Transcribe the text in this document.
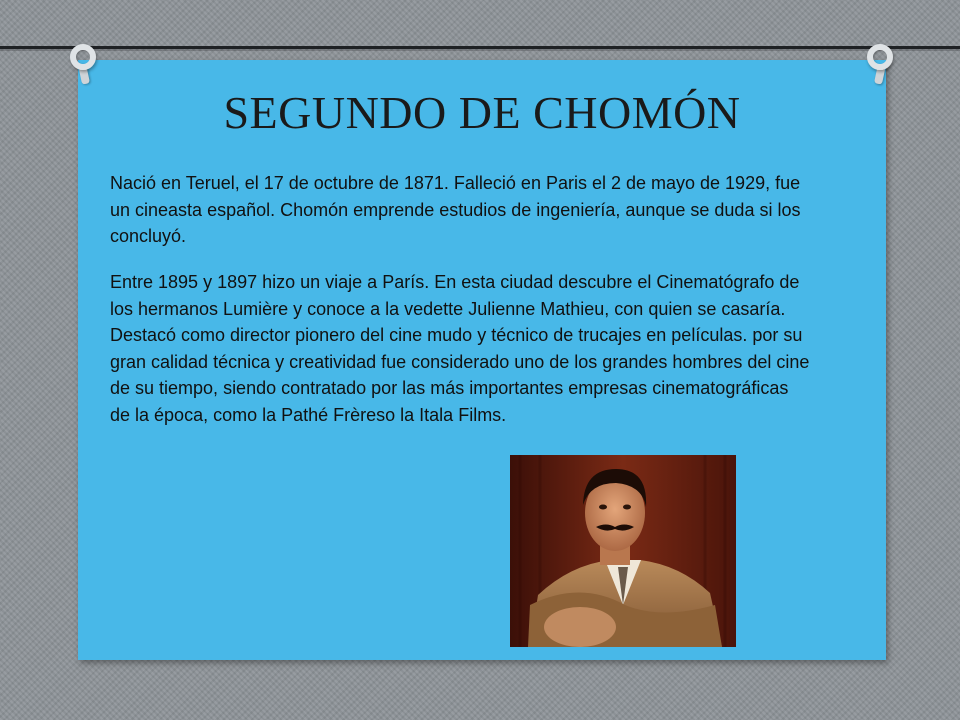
SEGUNDO DE CHOMÓN

Nació en Teruel, el 17 de octubre de 1871. Falleció en Paris el 2 de mayo de 1929, fue un cineasta español. Chomón emprende estudios de ingeniería, aunque se duda si los concluyó.

Entre 1895 y 1897 hizo un viaje a París. En esta ciudad descubre el Cinematógrafo de los hermanos Lumière y conoce a la vedette Julienne Mathieu, con quien se casaría. Destacó como director pionero del cine mudo y técnico de trucajes en películas. por su gran calidad técnica y creatividad fue considerado uno de los grandes hombres del cine de su tiempo, siendo contratado por las más importantes empresas cinematográficas de la época, como la Pathé Frèreso la Itala Films.
